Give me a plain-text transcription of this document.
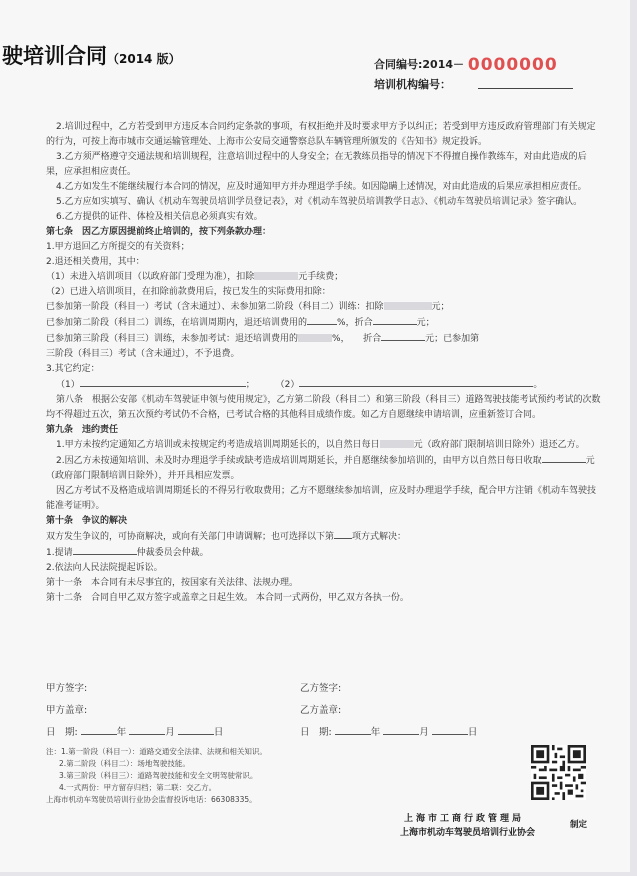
驶培训合同（2014 版）	合同编号:2014－ 0000000
培训机构编号：

2.培训过程中，乙方若受到甲方违反本合同约定条款的事项，有权拒绝并及时要求甲方予以纠正；若受到甲方违反政府管理部门有关规定的行为，可按上海市城市交通运输管理处、上海市公安局交通警察总队车辆管理所颁发的《告知书》规定投诉。

3.乙方须严格遵守交通法规和培训规程，注意培训过程中的人身安全；在无教练员指导的情况下不得擅自操作教练车，对由此造成的后果，应承担相应责任。

4.乙方如发生不能继续履行本合同的情况，应及时通知甲方并办理退学手续。如因隐瞒上述情况，对由此造成的后果应承担相应责任。

5.乙方应如实填写、确认《机动车驾驶员培训学员登记表》，对《机动车驾驶员培训教学日志》、《机动车驾驶员培训记录》签字确认。

6.乙方提供的证件、体检及相关信息必须真实有效。

第七条　因乙方原因提前终止培训的，按下列条款办理：

1.甲方退回乙方所提交的有关资料；

2.退还相关费用，其中：

（1）未进入培训项目（以政府部门受理为准），扣除	元手续费；

（2）已进入培训项目，在扣除前款费用后，按已发生的实际费用扣除：

已参加第一阶段（科目一）考试（含未通过）、未参加第二阶段（科目二）训练：扣除	元；

已参加第二阶段（科目二）训练，在培训周期内，退还培训费用的	%，折合	元；

已参加第三阶段（科目三）训练，未参加考试：退还培训费用的	%，　　折合	元；已参加第

三阶段（科目三）考试（含未通过），不予退费。

3.其它约定：

（1）	； （2）	。

第八条　根据公安部《机动车驾驶证申领与使用规定》，乙方第二阶段（科目二）和第三阶段（科目三）道路驾驶技能考试预约考试的次数均不得超过五次，第五次预约考试仍不合格，已考试合格的其他科目成绩作废。如乙方自愿继续申请培训，应重新签订合同。

第九条　违约责任

1.甲方未按约定通知乙方培训或未按规定约考造成培训周期延长的，以自然日每日	元（政府部门限制培训日除外）退还乙方。

2.因乙方未按通知培训、未及时办理退学手续或缺考造成培训周期延长，并自愿继续参加培训的，由甲方以自然日每日收取	元（政府部门限制培训日除外），并开具相应发票。

因乙方考试不及格造成培训周期延长的不得另行收取费用；乙方不愿继续参加培训，应及时办理退学手续，配合甲方注销《机动车驾驶技能准考证明》。

第十条　争议的解决

双方发生争议的，可协商解决，或向有关部门申请调解；也可选择以下第 项方式解决：

1.提请	仲裁委员会仲裁。

2.依法向人民法院提起诉讼。

第十一条　本合同有未尽事宜的，按国家有关法律、法规办理。

第十二条　合同自甲乙双方签字或盖章之日起生效。 本合同一式两份，甲乙双方各执一份。

甲方签字:	乙方签字:
甲方盖章:	乙方盖章:
日　期:	年	月	日	日　期:	年	月	日
注：1.第一阶段（科目一）：道路交通安全法律、法规和相关知识。
2.第二阶段（科目二）：场地驾驶技能。
3.第三阶段（科目三）：道路驾驶技能和安全文明驾驶常识。
4.一式两份：甲方留存归档；第二联：交乙方。
上海市机动车驾驶员培训行业协会监督投诉电话：66308335。
上海市工商行政管理局
上海市机动车驾驶员培训行业协会
制定
